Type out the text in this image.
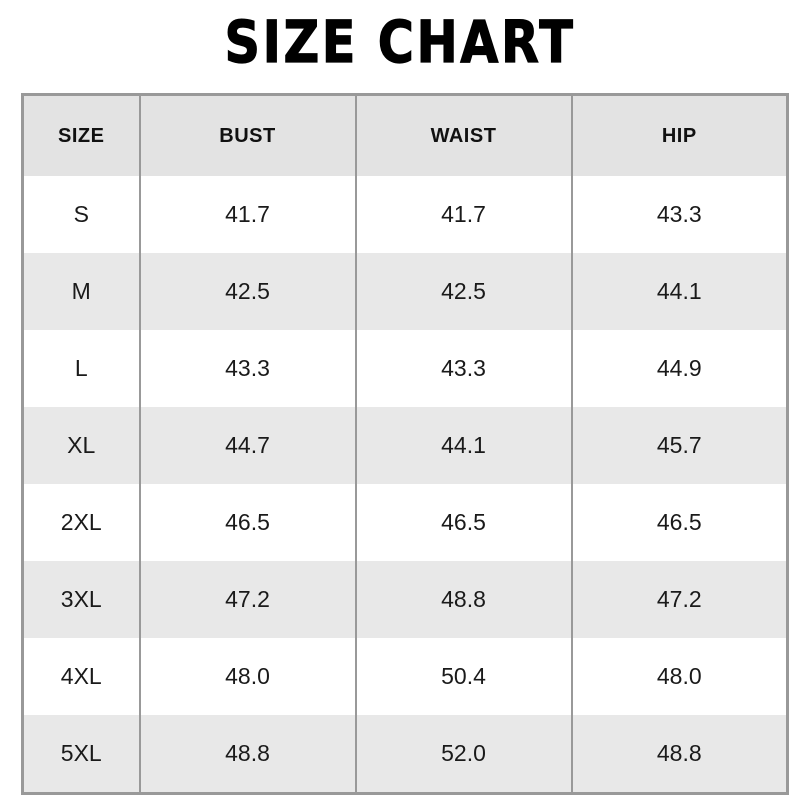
SIZE CHART
SIZE	BUST	WAIST	HIP
S	41.7	41.7	43.3
M	42.5	42.5	44.1
L	43.3	43.3	44.9
XL	44.7	44.1	45.7
2XL	46.5	46.5	46.5
3XL	47.2	48.8	47.2
4XL	48.0	50.4	48.0
5XL	48.8	52.0	48.8
